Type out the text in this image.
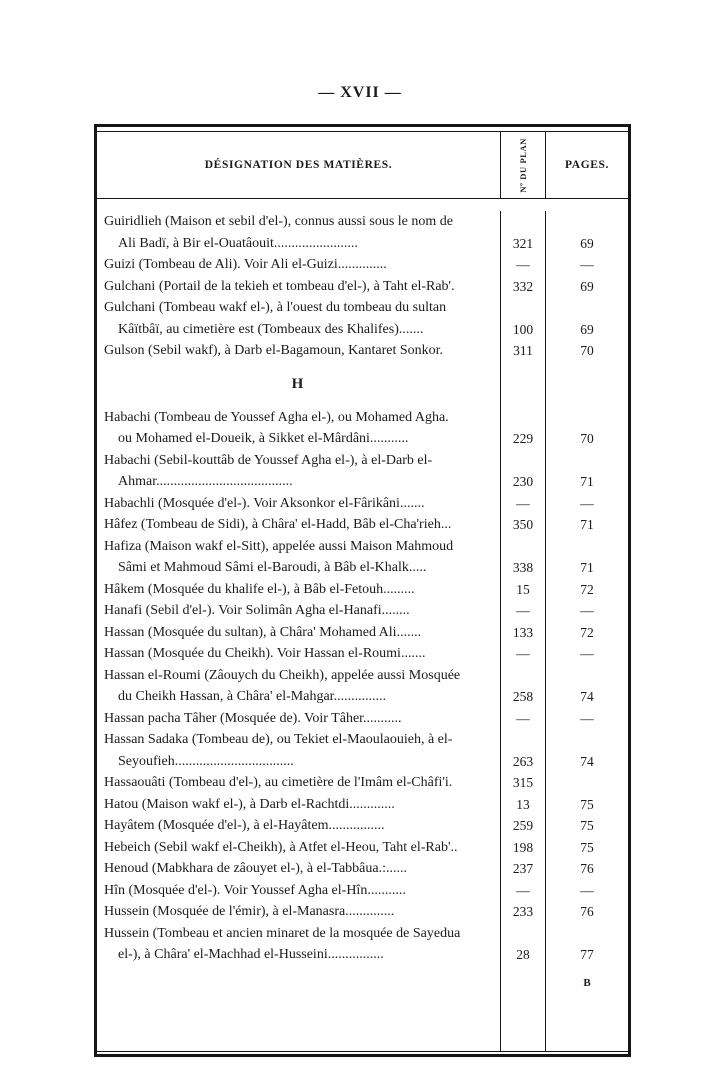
— XVII —
DÉSIGNATION DES MATIÈRES.	Nº DU PLAN	PAGES.
Guiridlieh (Maison et sebil d'el-), connus aussi sous le nom de
Ali Badï, à Bir el-Ouatâouit........................	321	69
Guizi (Tombeau de Ali). Voir Ali el-Guizi..............	—	—
Gulchani (Portail de la tekieh et tombeau d'el-), à Taht el-Rab'.	332	69
Gulchani (Tombeau wakf el-), à l'ouest du tombeau du sultan
Kâïtbâï, au cimetière est (Tombeaux des Khalifes).......	100	69
Gulson (Sebil wakf), à Darb el-Bagamoun, Kantaret Sonkor.	311	70
H
Habachi (Tombeau de Youssef Agha el-), ou Mohamed Agha.
ou Mohamed el-Doueik, à Sikket el-Mârdâni...........	229	70
Habachi (Sebil-kouttâb de Youssef Agha el-), à el-Darb el-
Ahmar.......................................	230	71
Habachli (Mosquée d'el-). Voir Aksonkor el-Fârikâni.......	—	—
Hâfez (Tombeau de Sidi), à Châra' el-Hadd, Bâb el-Cha'rieh...	350	71
Hafiza (Maison wakf el-Sitt), appelée aussi Maison Mahmoud
Sâmi et Mahmoud Sâmi el-Baroudi, à Bâb el-Khalk.....	338	71
Hâkem (Mosquée du khalife el-), à Bâb el-Fetouh.........	15	72
Hanafi (Sebil d'el-). Voir Solimân Agha el-Hanafi........	—	—
Hassan (Mosquée du sultan), à Châra' Mohamed Ali.......	133	72
Hassan (Mosquée du Cheikh). Voir Hassan el-Roumi.......	—	—
Hassan el-Roumi (Zâouych du Cheikh), appelée aussi Mosquée
du Cheikh Hassan, à Châra' el-Mahgar...............	258	74
Hassan pacha Tâher (Mosquée de). Voir Tâher...........	—	—
Hassan Sadaka (Tombeau de), ou Tekiet el-Maoulaouieh, à el-
Seyoufieh..................................	263	74
Hassaouâti (Tombeau d'el-), au cimetière de l'Imâm el-Châfi'i.	315
Hatou (Maison wakf el-), à Darb el-Rachtdi.............	13	75
Hayâtem (Mosquée d'el-), à el-Hayâtem................	259	75
Hebeich (Sebil wakf el-Cheikh), à Atfet el-Heou, Taht el-Rab'..	198	75
Henoud (Mabkhara de zâouyet el-), à el-Tabbâua.:......	237	76
Hîn (Mosquée d'el-). Voir Youssef Agha el-Hîn...........	—	—
Hussein (Mosquée de l'émir), à el-Manasra..............	233	76
Hussein (Tombeau et ancien minaret de la mosquée de Sayedua
el-), à Châra' el-Machhad el-Husseini................	28	77
B
